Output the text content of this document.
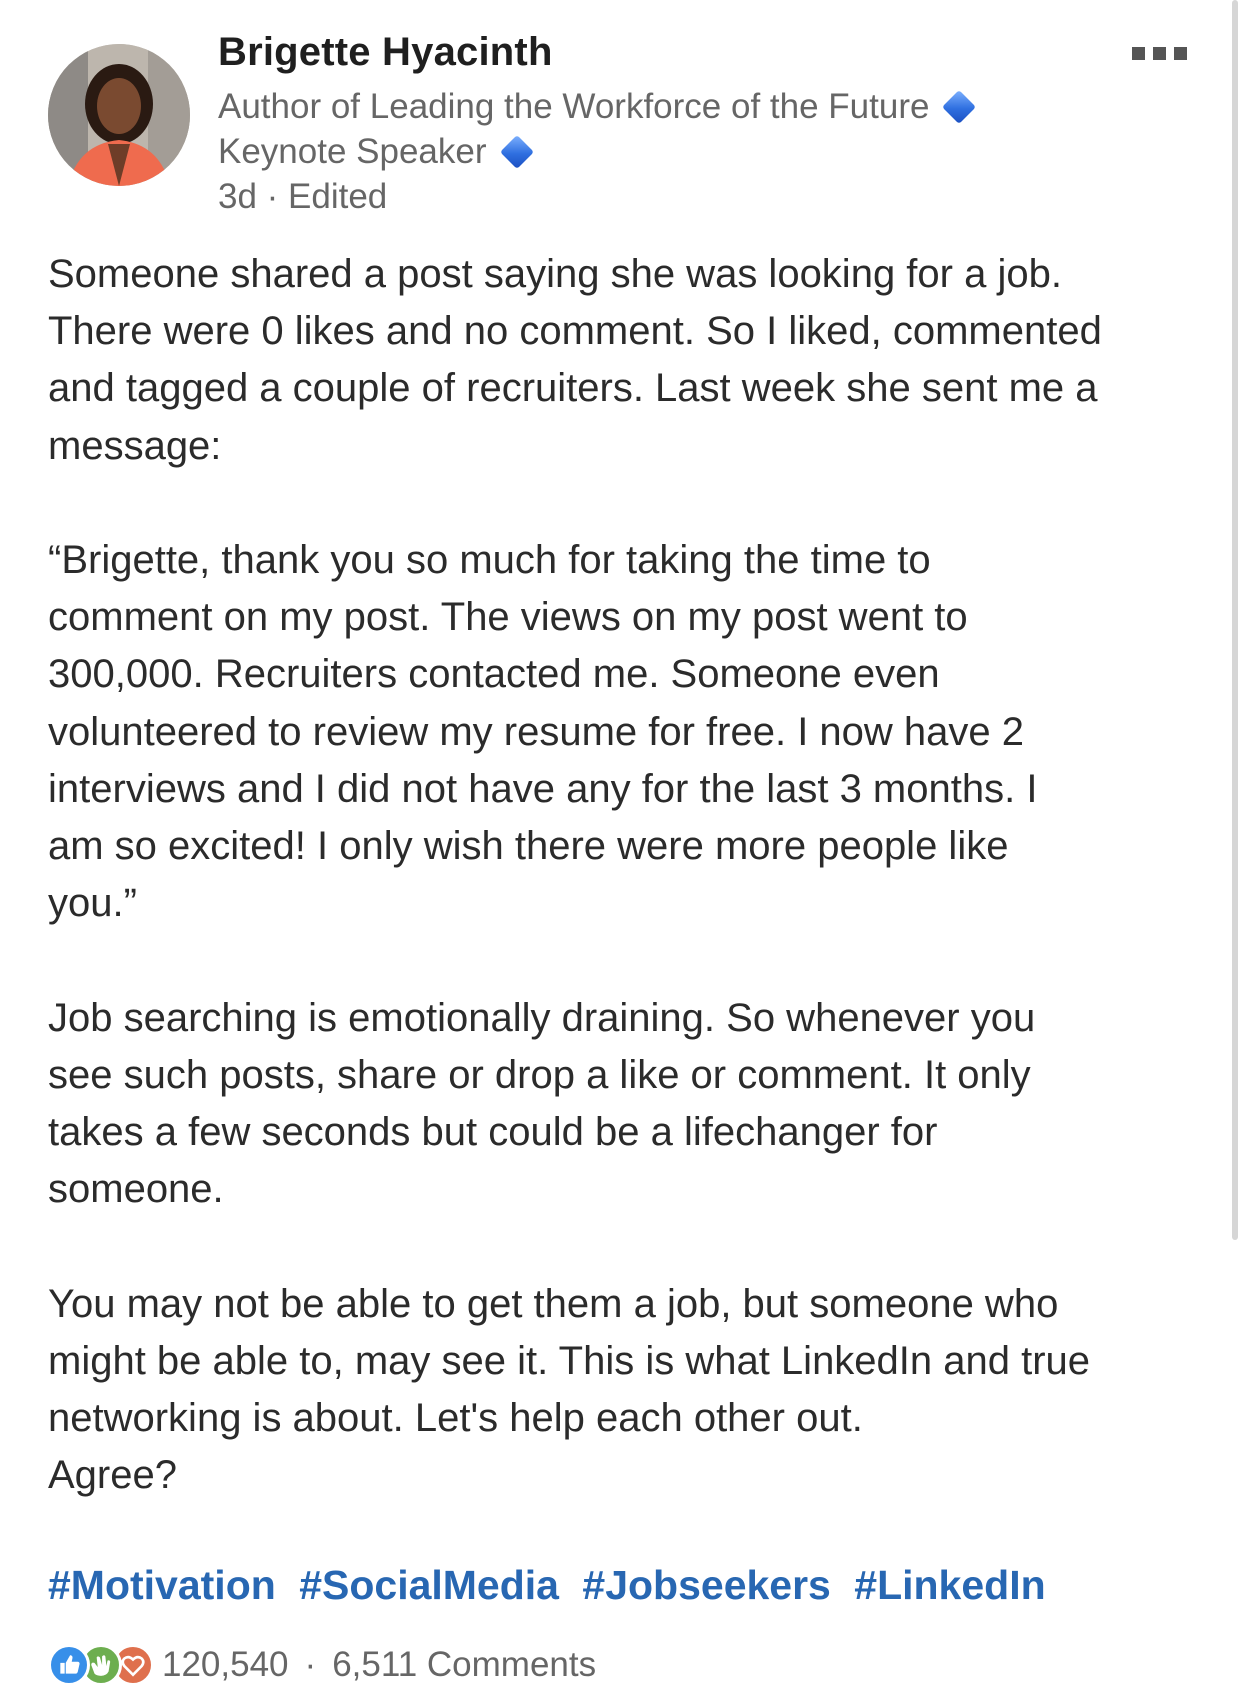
Brigette Hyacinth
Author of Leading the Workforce of the Future
Keynote Speaker
3d · Edited

Someone shared a post saying she was looking for a job.
There were 0 likes and no comment. So I liked, commented
and tagged a couple of recruiters. Last week she sent me a
message:

“Brigette, thank you so much for taking the time to
comment on my post. The views on my post went to
300,000. Recruiters contacted me. Someone even
volunteered to review my resume for free. I now have 2
interviews and I did not have any for the last 3 months. I
am so excited! I only wish there were more people like
you.”

Job searching is emotionally draining. So whenever you
see such posts, share or drop a like or comment. It only
takes a few seconds but could be a lifechanger for
someone.

You may not be able to get them a job, but someone who
might be able to, may see it. This is what LinkedIn and true
networking is about. Let's help each other out.
Agree?

#Motivation #SocialMedia #Jobseekers #LinkedIn
120,540 · 6,511 Comments
